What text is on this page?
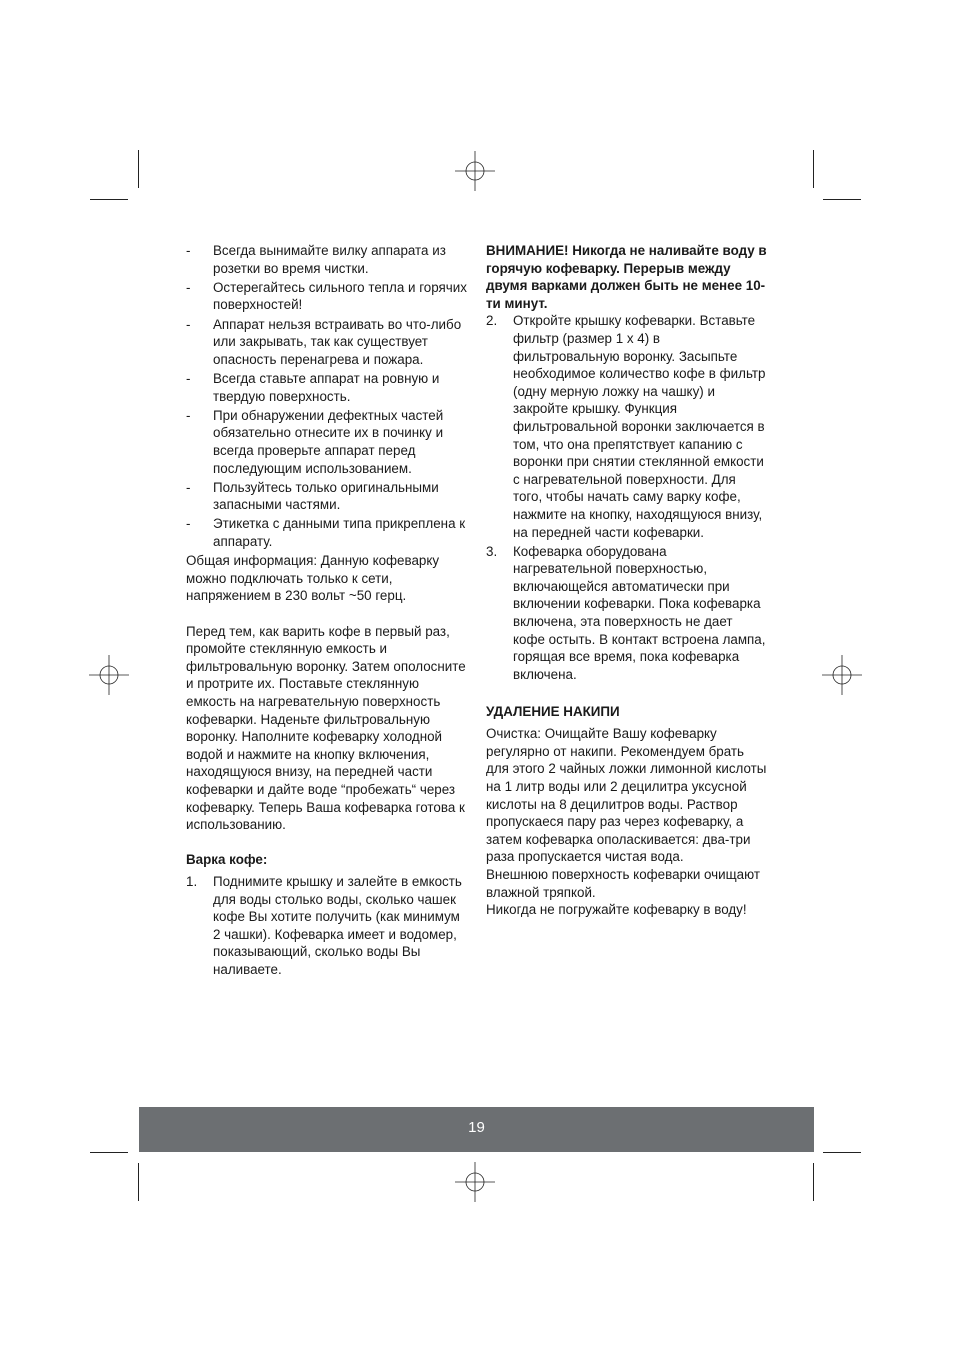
- Всегда вынимайте вилку аппарата из розетки во время чистки.
- Остерегайтесь сильного тепла и горячих поверхностей!
- Аппарат нельзя встраивать во что-либо или закрывать, так как существует опасность перенагрева и пожара.
- Всегда ставьте аппарат на ровную и твердую поверхность.
- При обнаружении дефектных частей обязательно отнесите их в починку и всегда проверьте аппарат перед последующим использованием.
- Пользуйтесь только оригинальными запасными частями.
- Этикетка с данными типа прикреплена к аппарату.

Общая информация: Данную кофеварку можно подключать только к сети, напряжением в 230 вольт ~50 герц.

Перед тем, как варить кофе в первый раз, промойте стеклянную емкость и фильтровальную воронку. Затем ополосните и протрите их. Поставьте стеклянную емкость на нагревательную поверхность кофеварки. Наденьте фильтровальную воронку. Наполните кофеварку холодной водой и нажмите на кнопку включения, находящуюся внизу, на передней части кофеварки и дайте воде “пробежать“ через кофеварку. Теперь Ваша кофеварка готова к использованию.

Варка кофе:

1. Поднимите крышку и залейте в емкость для воды столько воды, сколько чашек кофе Вы хотите получить (как минимум 2 чашки). Кофеварка имеет и водомер, показывающий, сколько воды Вы наливаете.

ВНИМАНИЕ! Никогда не наливайте воду в горячую кофеварку. Перерыв между двумя варками должен быть не менее 10-ти минут.

2. Откройте крышку кофеварки. Вставьте фильтр (размер 1 x 4) в фильтровальную воронку. Засыпьте необходимое количество кофе в фильтр (одну мерную ложку на чашку) и закройте крышку. Функция фильтровальной воронки заключается в том, что она препятствует капанию с воронки при снятии стеклянной емкости с нагревательной поверхности. Для того, чтобы начать саму варку кофе, нажмите на кнопку, находящуюся внизу, на передней части кофеварки.
3. Кофеварка оборудована нагревательной поверхностью, включающейся автоматически при включении кофеварки. Пока кофеварка включена, эта поверхность не дает кофе остыть. В контакт встроена лампа, горящая все время, пока кофеварка включена.

УДАЛЕНИЕ НАКИПИ

Очистка: Очищайте Вашу кофеварку регулярно от накипи. Рекомендуем брать для этого 2 чайных ложки лимонной кислоты на 1 литр воды или 2 децилитра уксусной кислоты на 8 децилитров воды. Раствор пропускаеся пару раз через кофеварку, а затем кофеварка ополаскивается: два-три раза пропускается чистая вода.

Внешнюю поверхность кофеварки очищают влажной тряпкой.

Никогда не погружайте кофеварку в воду!

19
